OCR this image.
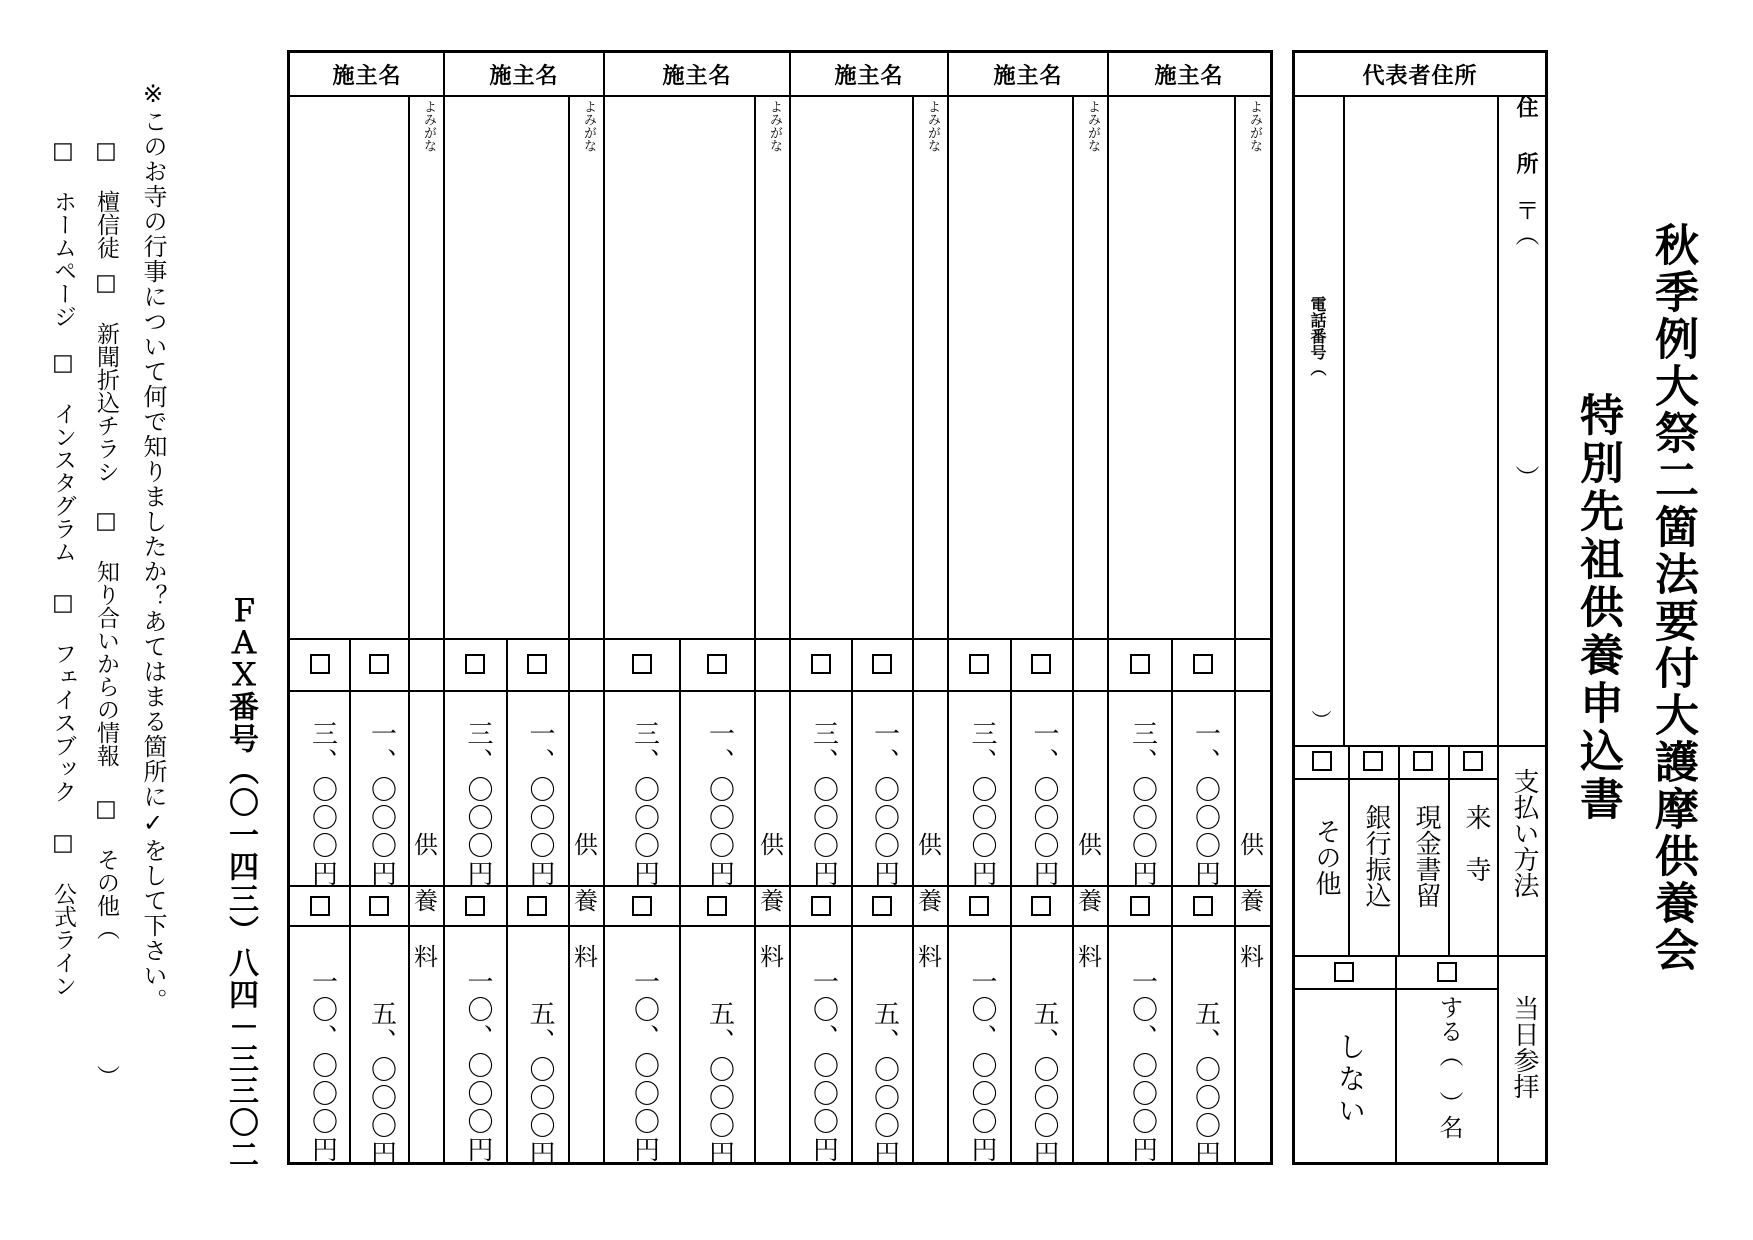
秋季例大祭二箇法要付大護摩供養会
特別先祖供養申込書
代表者住所
住　所
〒（
）
電話番号（
）
支払い方法
来　寺
現金書留
銀行振込
その他
当日参拝
する（　）名
しない
施主名
よみがな
三、〇〇〇円 一、〇〇〇円
一〇、〇〇〇円 五、〇〇〇円
供
養
料
施主名
よみがな
三、〇〇〇円 一、〇〇〇円
一〇、〇〇〇円 五、〇〇〇円
供
養
料
施主名
よみがな
三、〇〇〇円 一、〇〇〇円
一〇、〇〇〇円 五、〇〇〇円
供
養
料
施主名
よみがな
三、〇〇〇円 一、〇〇〇円
一〇、〇〇〇円 五、〇〇〇円
供
養
料
施主名
よみがな
三、〇〇〇円 一、〇〇〇円
一〇、〇〇〇円 五、〇〇〇円
供
養
料
施主名
よみがな
三、〇〇〇円 一、〇〇〇円
一〇、〇〇〇円 五、〇〇〇円
供
養
料
ＦＡＸ番号（〇一四三）八四－三三〇二
※このお寺の行事について何で知りましたか？あてはまる箇所に✓をして下さい。
□ 檀信徒
□ 新聞折込チラシ
□ 知り合いからの情報
□ その他（
）
□ ホームページ
□ インスタグラム
□ フェイスブック
□ 公式ライン
